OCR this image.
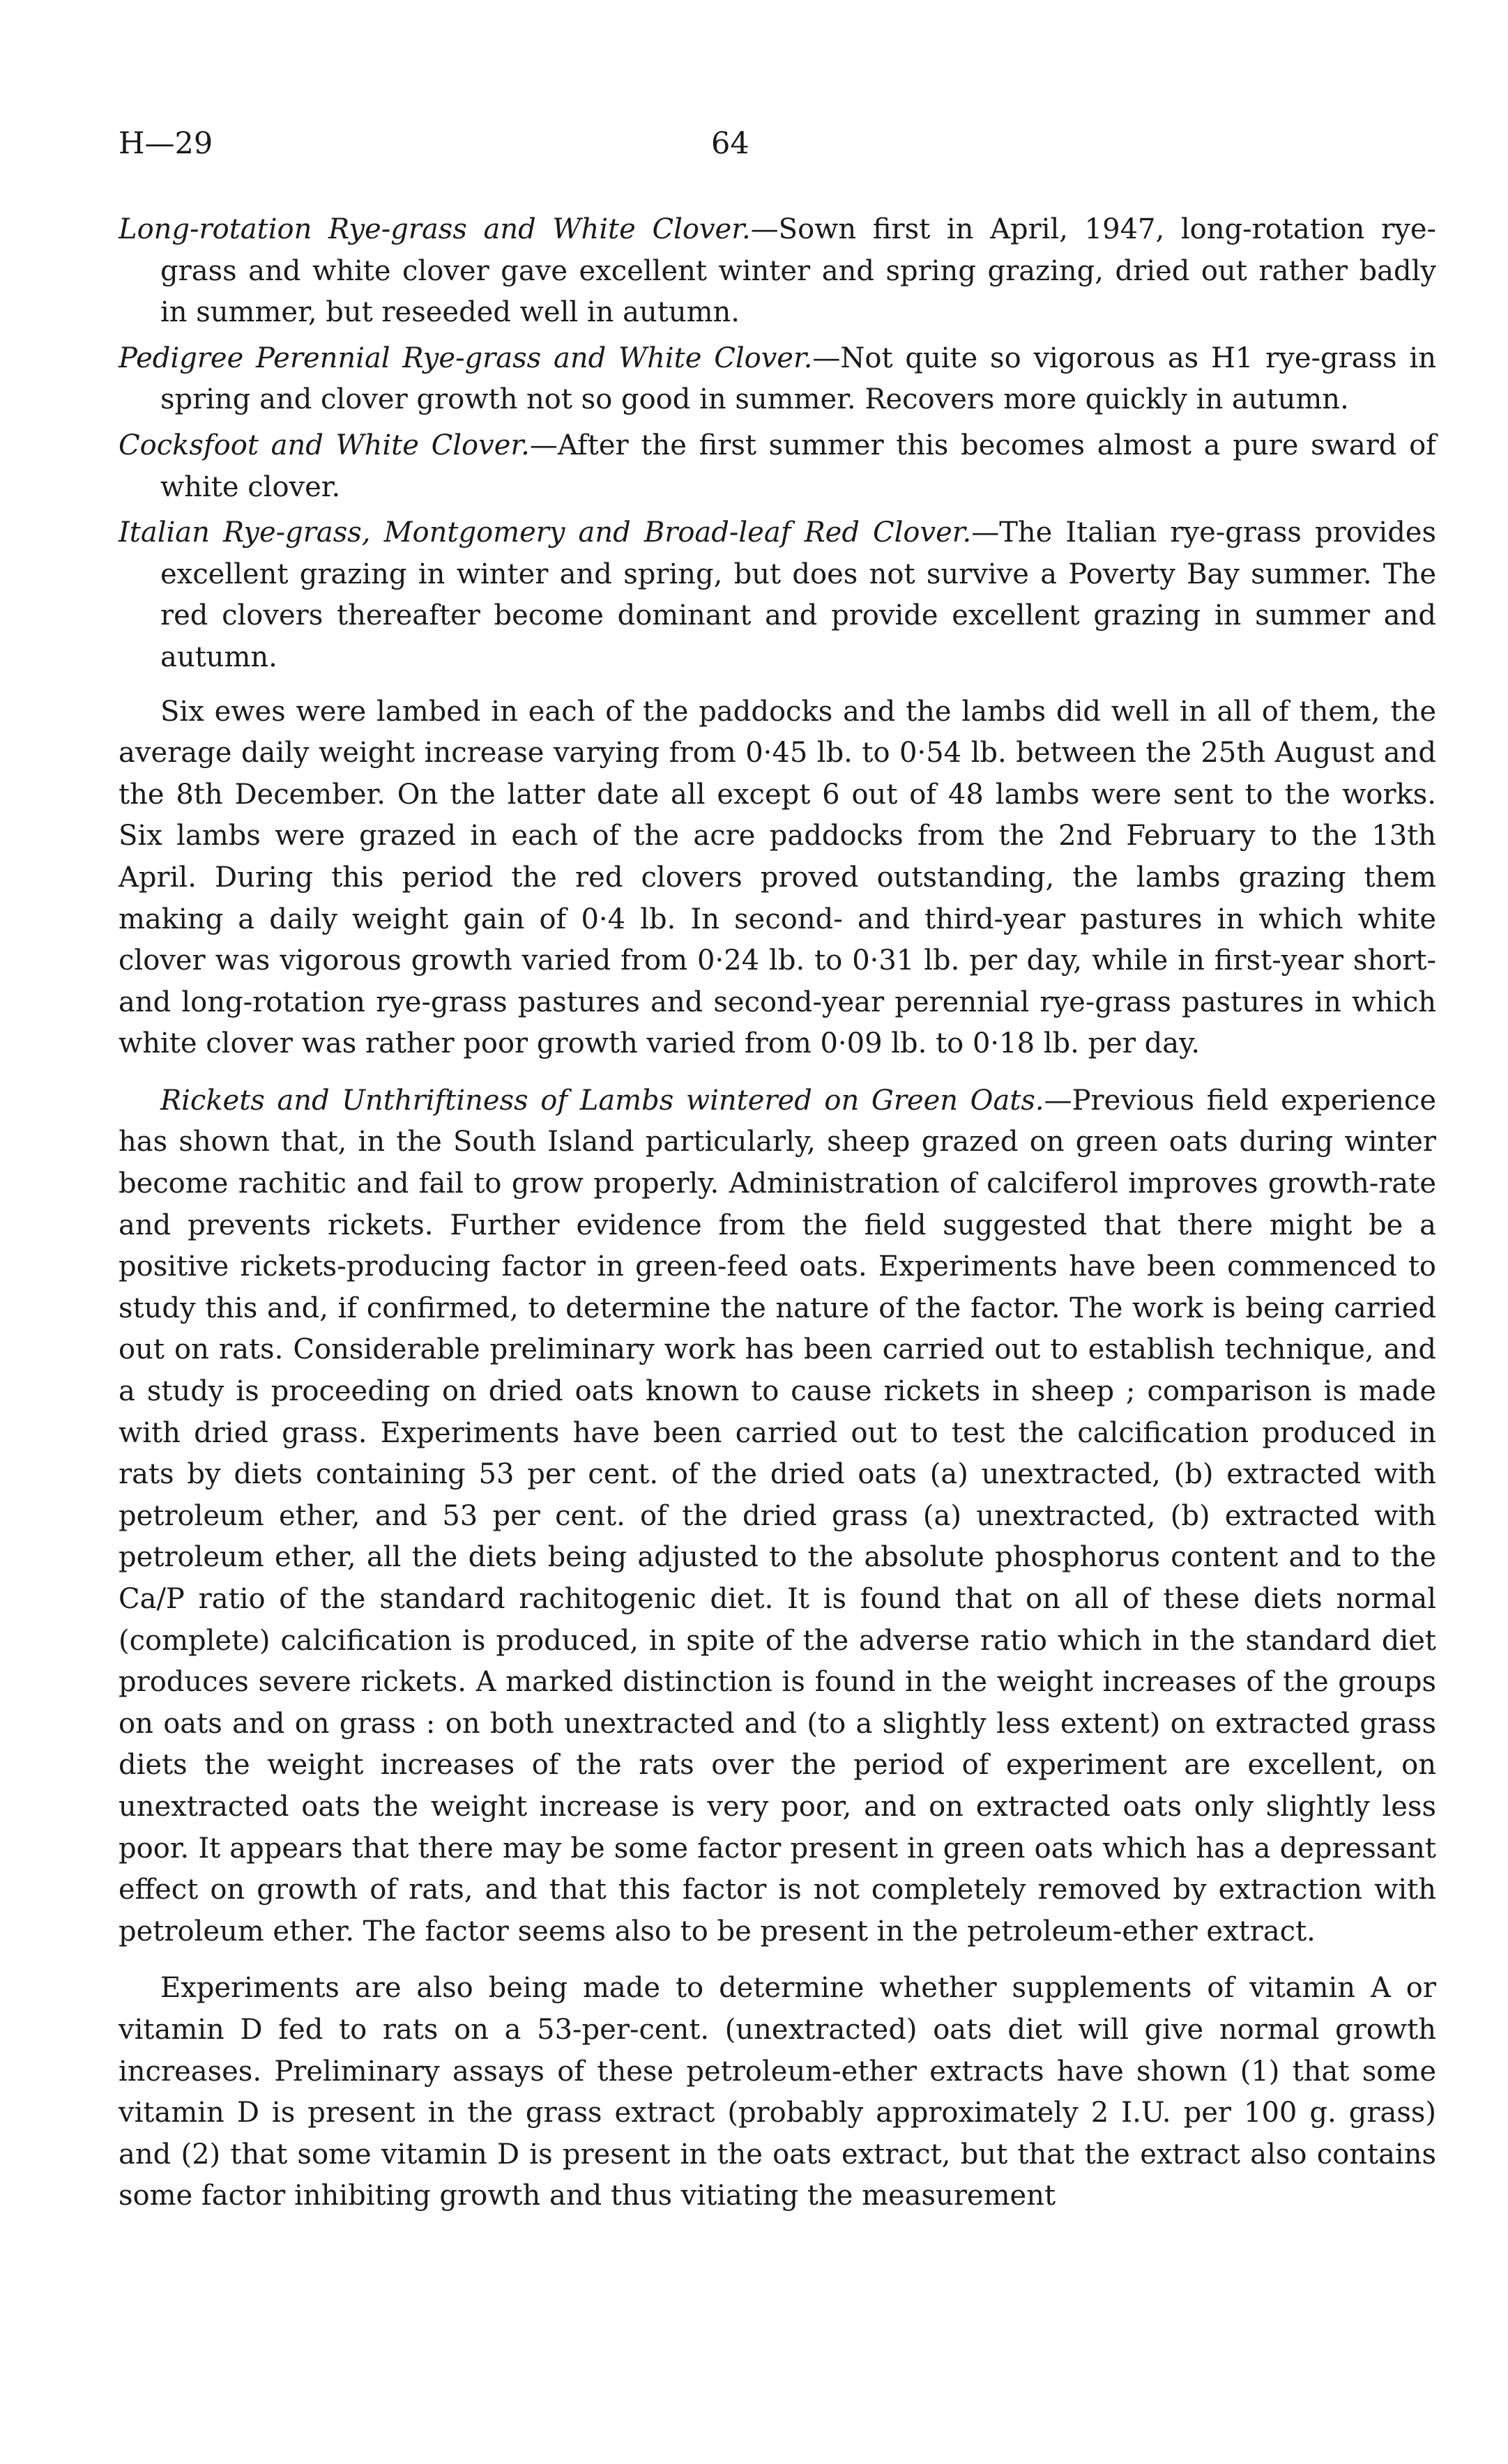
H—29	64

Long-rotation Rye-grass and White Clover.—Sown first in April, 1947, long-rotation rye-grass and white clover gave excellent winter and spring grazing, dried out rather badly in summer, but reseeded well in autumn.

Pedigree Perennial Rye-grass and White Clover.—Not quite so vigorous as H1 rye-grass in spring and clover growth not so good in summer. Recovers more quickly in autumn.

Cocksfoot and White Clover.—After the first summer this becomes almost a pure sward of white clover.

Italian Rye-grass, Montgomery and Broad-leaf Red Clover.—The Italian rye-grass provides excellent grazing in winter and spring, but does not survive a Poverty Bay summer. The red clovers thereafter become dominant and provide excellent grazing in summer and autumn.

Six ewes were lambed in each of the paddocks and the lambs did well in all of them, the average daily weight increase varying from 0·45 lb. to 0·54 lb. between the 25th August and the 8th December. On the latter date all except 6 out of 48 lambs were sent to the works. Six lambs were grazed in each of the acre paddocks from the 2nd February to the 13th April. During this period the red clovers proved outstanding, the lambs grazing them making a daily weight gain of 0·4 lb. In second- and third-year pastures in which white clover was vigorous growth varied from 0·24 lb. to 0·31 lb. per day, while in first-year short- and long-rotation rye-grass pastures and second-year perennial rye-grass pastures in which white clover was rather poor growth varied from 0·09 lb. to 0·18 lb. per day.

Rickets and Unthriftiness of Lambs wintered on Green Oats.—Previous field experience has shown that, in the South Island particularly, sheep grazed on green oats during winter become rachitic and fail to grow properly. Administration of calciferol improves growth-rate and prevents rickets. Further evidence from the field suggested that there might be a positive rickets-producing factor in green-feed oats. Experiments have been commenced to study this and, if confirmed, to determine the nature of the factor. The work is being carried out on rats. Considerable preliminary work has been carried out to establish technique, and a study is proceeding on dried oats known to cause rickets in sheep ; comparison is made with dried grass. Experiments have been carried out to test the calcification produced in rats by diets containing 53 per cent. of the dried oats (a) unextracted, (b) extracted with petroleum ether, and 53 per cent. of the dried grass (a) unextracted, (b) extracted with petroleum ether, all the diets being adjusted to the absolute phosphorus content and to the Ca/P ratio of the standard rachitogenic diet. It is found that on all of these diets normal (complete) calcification is produced, in spite of the adverse ratio which in the standard diet produces severe rickets. A marked distinction is found in the weight increases of the groups on oats and on grass : on both unextracted and (to a slightly less extent) on extracted grass diets the weight increases of the rats over the period of experiment are excellent, on unextracted oats the weight increase is very poor, and on extracted oats only slightly less poor. It appears that there may be some factor present in green oats which has a depressant effect on growth of rats, and that this factor is not completely removed by extraction with petroleum ether. The factor seems also to be present in the petroleum-ether extract.

Experiments are also being made to determine whether supplements of vitamin A or vitamin D fed to rats on a 53-per-cent. (unextracted) oats diet will give normal growth increases. Preliminary assays of these petroleum-ether extracts have shown (1) that some vitamin D is present in the grass extract (probably approximately 2 I.U. per 100 g. grass) and (2) that some vitamin D is present in the oats extract, but that the extract also contains some factor inhibiting growth and thus vitiating the measurement
